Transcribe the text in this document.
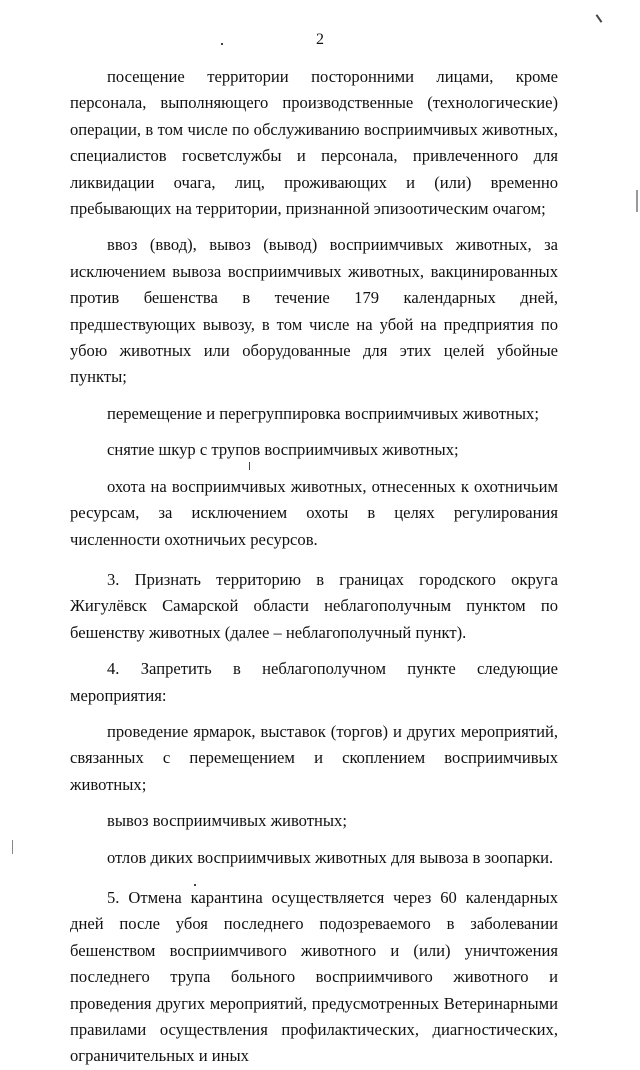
2

посещение территории посторонними лицами, кроме персонала, выполняющего производственные (технологические) операции, в том числе по обслуживанию восприимчивых животных, специалистов госветслужбы и персонала, привлеченного для ликвидации очага, лиц, проживающих и (или) временно пребывающих на территории, признанной эпизоотическим очагом;

ввоз (ввод), вывоз (вывод) восприимчивых животных, за исключением вывоза восприимчивых животных, вакцинированных против бешенства в течение 179 календарных дней, предшествующих вывозу, в том числе на убой на предприятия по убою животных или оборудованные для этих целей убойные пункты;

перемещение и перегруппировка восприимчивых животных;

снятие шкур с трупов восприимчивых животных;

охота на восприимчивых животных, отнесенных к охотничьим ресурсам, за исключением охоты в целях регулирования численности охотничьих ресурсов.

3. Признать территорию в границах городского округа Жигулёвск Самарской области неблагополучным пунктом по бешенству животных (далее – неблагополучный пункт).

4. Запретить в неблагополучном пункте следующие мероприятия:

проведение ярмарок, выставок (торгов) и других мероприятий, связанных с перемещением и скоплением восприимчивых животных;

вывоз восприимчивых животных;

отлов диких восприимчивых животных для вывоза в зоопарки.

5. Отмена карантина осуществляется через 60 календарных дней после убоя последнего подозреваемого в заболевании бешенством восприимчивого животного и (или) уничтожения последнего трупа больного восприимчивого животного и проведения других мероприятий, предусмотренных Ветеринарными правилами осуществления профилактических, диагностических, ограничительных и иных
